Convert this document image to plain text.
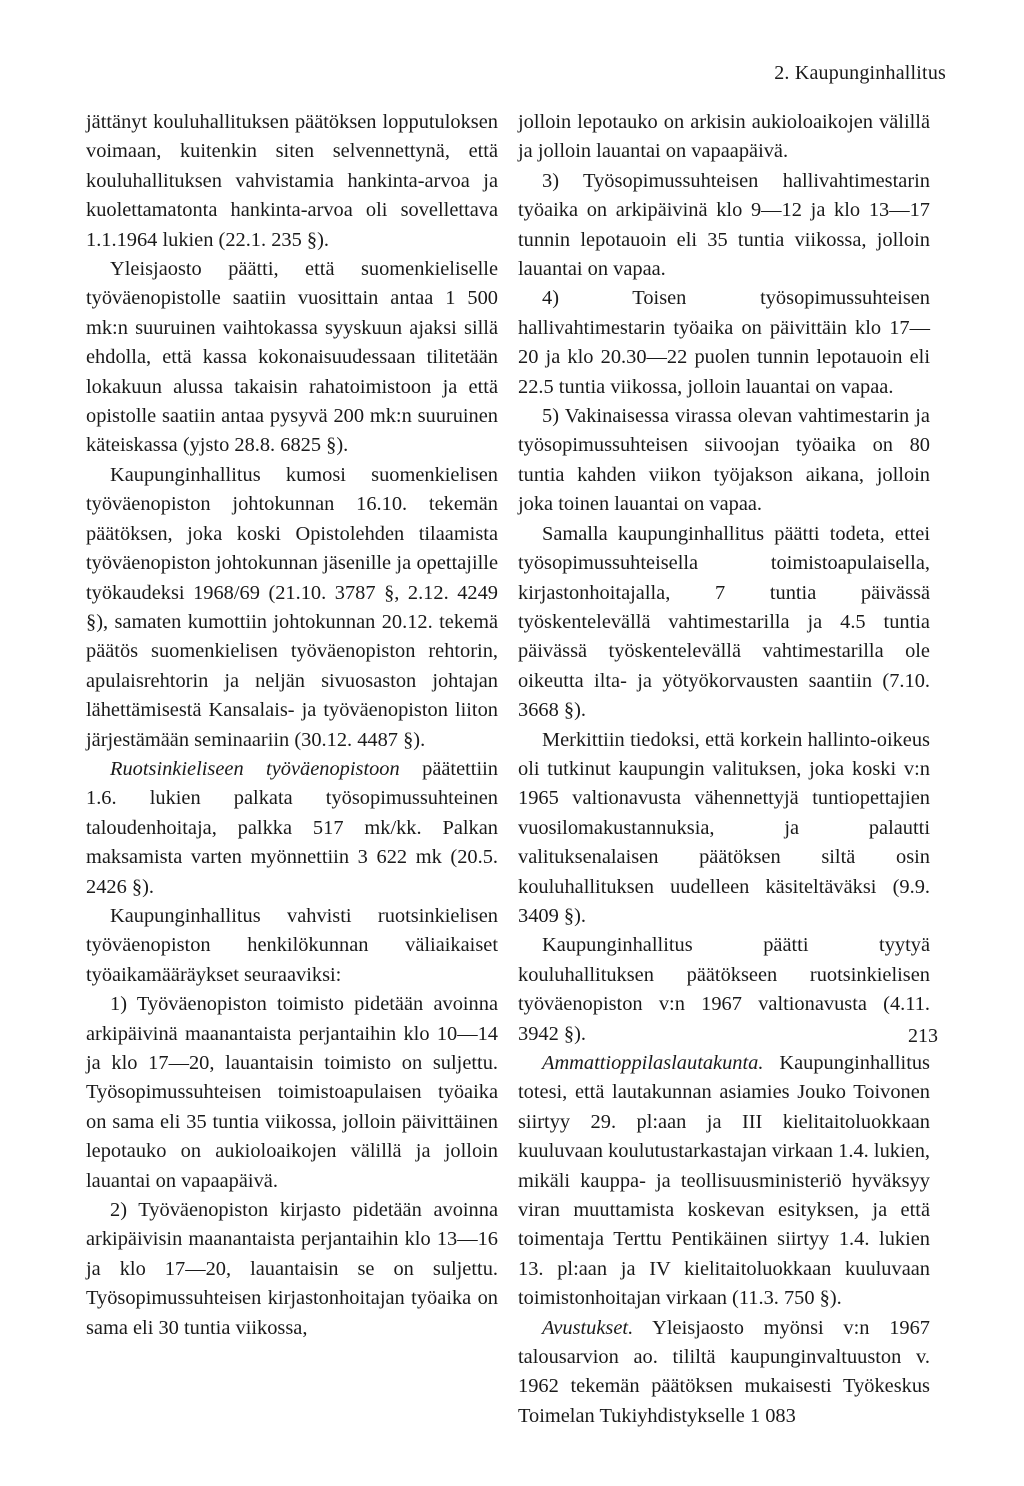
2. Kaupunginhallitus

jättänyt kouluhallituksen päätöksen lopputuloksen voimaan, kuitenkin siten selvennettynä, että kouluhallituksen vahvistamia hankinta-arvoa ja kuolettamatonta hankinta-arvoa oli sovellettava 1.1.1964 lukien (22.1. 235 §).

Yleisjaosto päätti, että suomenkieliselle työväenopistolle saatiin vuosittain antaa 1 500 mk:n suuruinen vaihtokassa syyskuun ajaksi sillä ehdolla, että kassa kokonaisuudessaan tilitetään lokakuun alussa takaisin rahatoimistoon ja että opistolle saatiin antaa pysyvä 200 mk:n suuruinen käteiskassa (yjsto 28.8. 6825 §).

Kaupunginhallitus kumosi suomenkielisen työväenopiston johtokunnan 16.10. tekemän päätöksen, joka koski Opistolehden tilaamista työväenopiston johtokunnan jäsenille ja opettajille työkaudeksi 1968/69 (21.10. 3787 §, 2.12. 4249 §), samaten kumottiin johtokunnan 20.12. tekemä päätös suomenkielisen työväenopiston rehtorin, apulaisrehtorin ja neljän sivuosaston johtajan lähettämisestä Kansalais- ja työväenopiston liiton järjestämään seminaariin (30.12. 4487 §).

Ruotsinkieliseen työväenopistoon päätettiin 1.6. lukien palkata työsopimussuhteinen taloudenhoitaja, palkka 517 mk/kk. Palkan maksamista varten myönnettiin 3 622 mk (20.5. 2426 §).

Kaupunginhallitus vahvisti ruotsinkielisen työväenopiston henkilökunnan väliaikaiset työaikamääräykset seuraaviksi:

1) Työväenopiston toimisto pidetään avoinna arkipäivinä maanantaista perjantaihin klo 10—14 ja klo 17—20, lauantaisin toimisto on suljettu. Työsopimussuhteisen toimistoapulaisen työaika on sama eli 35 tuntia viikossa, jolloin päivittäinen lepotauko on aukioloaikojen välillä ja jolloin lauantai on vapaapäivä.

2) Työväenopiston kirjasto pidetään avoinna arkipäivisin maanantaista perjantaihin klo 13—16 ja klo 17—20, lauantaisin se on suljettu. Työsopimussuhteisen kirjastonhoitajan työaika on sama eli 30 tuntia viikossa,

jolloin lepotauko on arkisin aukioloaikojen välillä ja jolloin lauantai on vapaapäivä.

3) Työsopimussuhteisen hallivahtimestarin työaika on arkipäivinä klo 9—12 ja klo 13—17 tunnin lepotauoin eli 35 tuntia viikossa, jolloin lauantai on vapaa.

4) Toisen työsopimussuhteisen hallivahtimestarin työaika on päivittäin klo 17—20 ja klo 20.30—22 puolen tunnin lepotauoin eli 22.5 tuntia viikossa, jolloin lauantai on vapaa.

5) Vakinaisessa virassa olevan vahtimestarin ja työsopimussuhteisen siivoojan työaika on 80 tuntia kahden viikon työjakson aikana, jolloin joka toinen lauantai on vapaa.

Samalla kaupunginhallitus päätti todeta, ettei työsopimussuhteisella toimistoapulaisella, kirjastonhoitajalla, 7 tuntia päivässä työskentelevällä vahtimestarilla ja 4.5 tuntia päivässä työskentelevällä vahtimestarilla ole oikeutta ilta- ja yötyökorvausten saantiin (7.10. 3668 §).

Merkittiin tiedoksi, että korkein hallinto-oikeus oli tutkinut kaupungin valituksen, joka koski v:n 1965 valtionavusta vähennettyjä tuntiopettajien vuosilomakustannuksia, ja palautti valituksenalaisen päätöksen siltä osin kouluhallituksen uudelleen käsiteltäväksi (9.9. 3409 §).

Kaupunginhallitus päätti tyytyä kouluhallituksen päätökseen ruotsinkielisen työväenopiston v:n 1967 valtionavusta (4.11. 3942 §).

Ammattioppilaslautakunta. Kaupunginhallitus totesi, että lautakunnan asiamies Jouko Toivonen siirtyy 29. pl:aan ja III kielitaitoluokkaan kuuluvaan koulutustarkastajan virkaan 1.4. lukien, mikäli kauppa- ja teollisuusministeriö hyväksyy viran muuttamista koskevan esityksen, ja että toimentaja Terttu Pentikäinen siirtyy 1.4. lukien 13. pl:aan ja IV kielitaitoluokkaan kuuluvaan toimistonhoitajan virkaan (11.3. 750 §).

Avustukset. Yleisjaosto myönsi v:n 1967 talousarvion ao. tililtä kaupunginvaltuuston v. 1962 tekemän päätöksen mukaisesti Työkeskus Toimelan Tukiyhdistykselle 1 083

213
